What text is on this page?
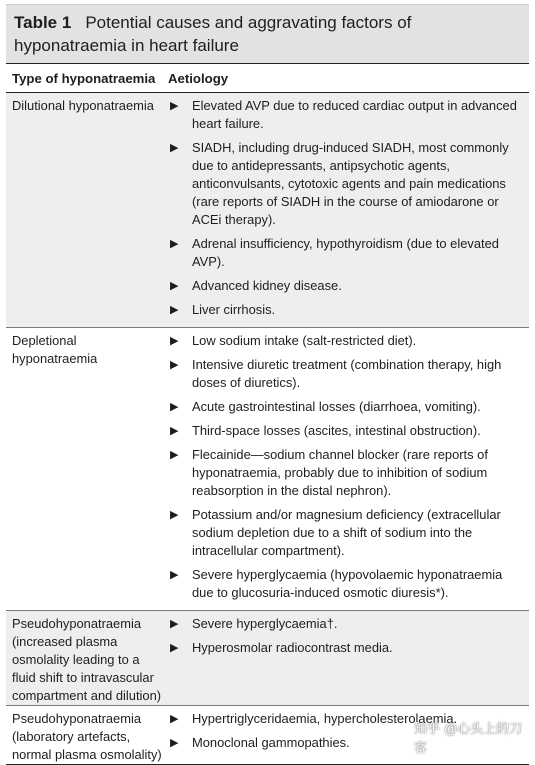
Table 1 Potential causes and aggravating factors of hyponatraemia in heart failure
Type of hyponatraemia Aetiology
Dilutional hyponatraemia	▶	Elevated AVP due to reduced cardiac output in advanced heart failure.
▶	SIADH, including drug-induced SIADH, most commonly due to antidepressants, antipsychotic agents, anticonvulsants, cytotoxic agents and pain medications (rare reports of SIADH in the course of amiodarone or ACEi therapy).
▶	Adrenal insufficiency, hypothyroidism (due to elevated AVP).
▶	Advanced kidney disease.
▶	Liver cirrhosis.
Depletional hyponatraemia
▶	Low sodium intake (salt-restricted diet).
▶	Intensive diuretic treatment (combination therapy, high doses of diuretics).
▶	Acute gastrointestinal losses (diarrhoea, vomiting).
▶	Third-space losses (ascites, intestinal obstruction).
▶	Flecainide—sodium channel blocker (rare reports of hyponatraemia, probably due to inhibition of sodium reabsorption in the distal nephron).
▶	Potassium and/or magnesium deficiency (extracellular sodium depletion due to a shift of sodium into the intracellular compartment).
▶	Severe hyperglycaemia (hypovolaemic hyponatraemia due to glucosuria-induced osmotic diuresis*).
Pseudohyponatraemia (increased plasma osmolality leading to a fluid shift to intravascular compartment and dilution)
▶	Severe hyperglycaemia†.
▶	Hyperosmolar radiocontrast media.
Pseudohyponatraemia (laboratory artefacts, normal plasma osmolality)
▶	Hypertriglyceridaemia, hypercholesterolaemia.
▶	Monoclonal gammopathies.
知乎 @心头上的刀客
